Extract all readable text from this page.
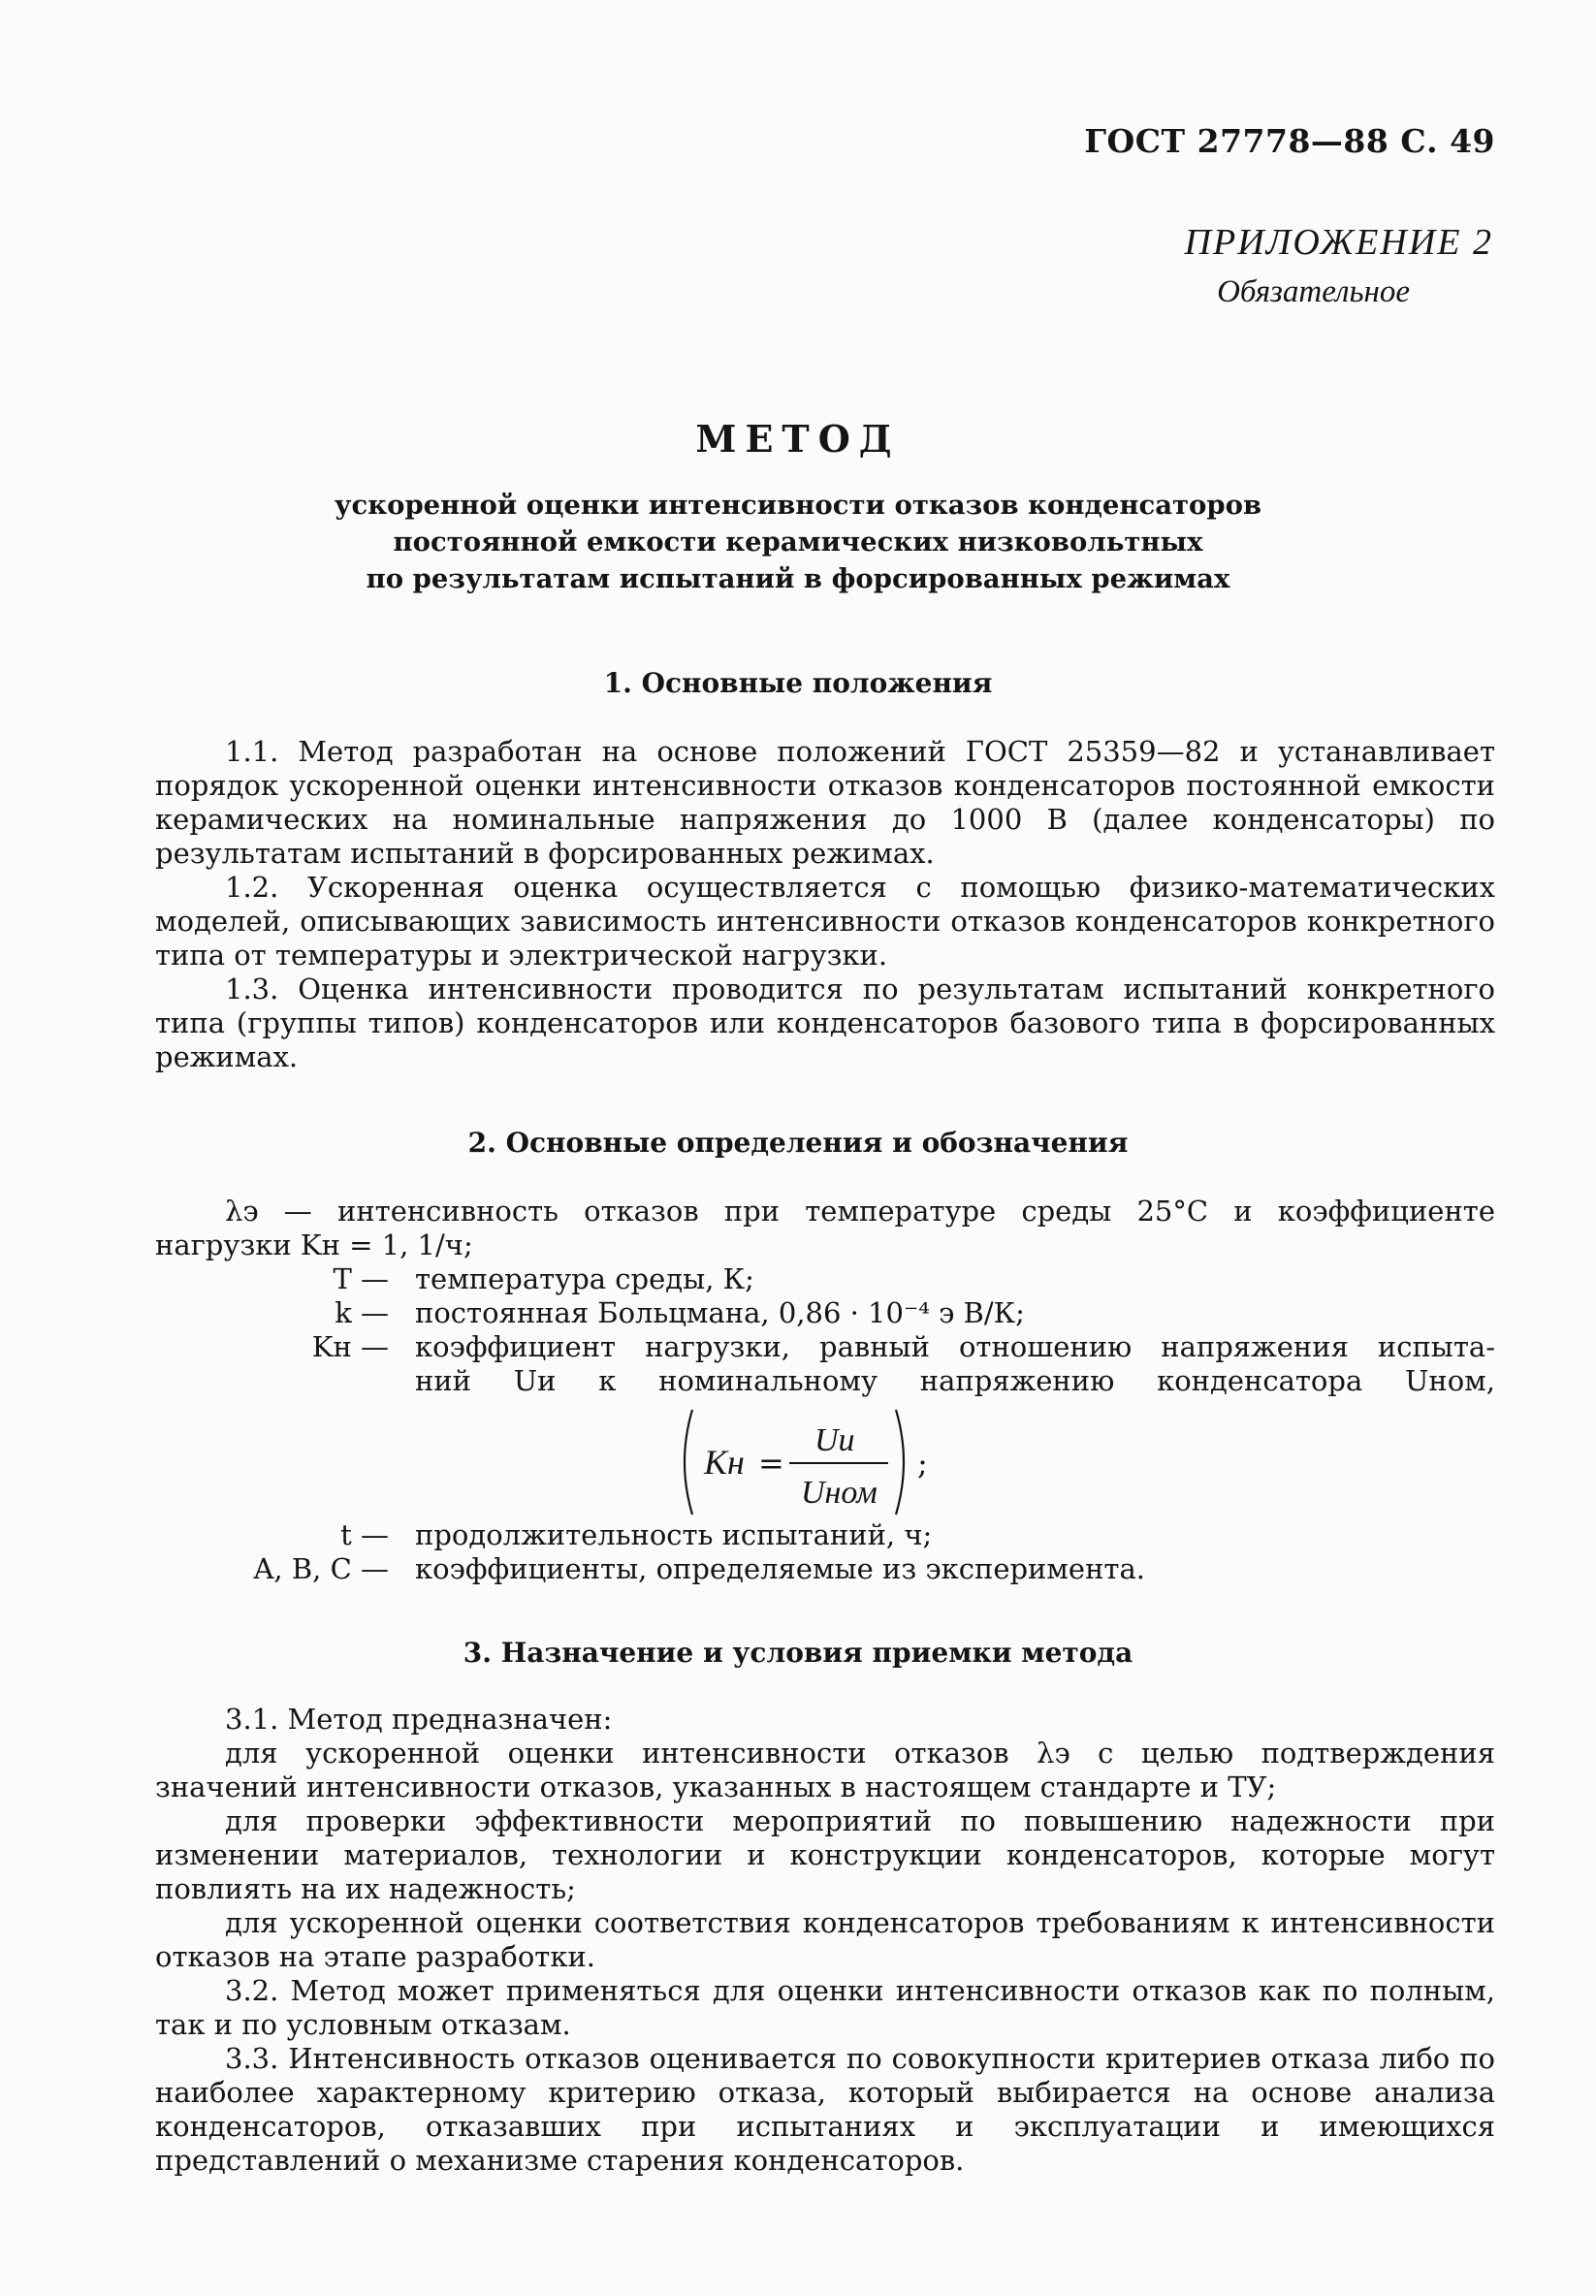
ГОСТ 27778—88 С. 49
ПРИЛОЖЕНИЕ 2
Обязательное
МЕТОД
ускоренной оценки интенсивности отказов конденсаторов
постоянной емкости керамических низковольтных
по результатам испытаний в форсированных режимах
1. Основные положения

1.1. Метод разработан на основе положений ГОСТ 25359—82 и устанавливает порядок ускоренной оценки интенсивности отказов конденсаторов постоянной емкости керамических на номинальные напряжения до 1000 В (далее конденсаторы) по результатам испытаний в форсированных режимах.

1.2. Ускоренная оценка осуществляется с помощью физико-математических моделей, описывающих зависимость интенсивности отказов конденсаторов конкретного типа от температуры и электрической нагрузки.

1.3. Оценка интенсивности проводится по результатам испытаний конкретного типа (группы типов) конденсаторов или конденсаторов базового типа в форсированных режимах.

2. Основные определения и обозначения

λэ — интенсивность отказов при температуре среды 25°С и коэффициенте

нагрузки Kн = 1, 1/ч;
T — температура среды, К;
k — постоянная Больцмана, 0,86 · 10⁻⁴ э В/К;
Kн — коэффициент нагрузки, равный отношению напряжения испыта-
ний Uи к номинальному напряжению конденсатора Uном,
Kн =
Uи
Uном
;
t — продолжительность испытаний, ч;
A, B, C — коэффициенты, определяемые из эксперимента.
3. Назначение и условия приемки метода

3.1. Метод предназначен:

для ускоренной оценки интенсивности отказов λэ с целью подтверждения значений интенсивности отказов, указанных в настоящем стандарте и ТУ;

для проверки эффективности мероприятий по повышению надежности при изменении материалов, технологии и конструкции конденсаторов, которые могут повлиять на их надежность;

для ускоренной оценки соответствия конденсаторов требованиям к интенсивности отказов на этапе разработки.

3.2. Метод может применяться для оценки интенсивности отказов как по полным, так и по условным отказам.

3.3. Интенсивность отказов оценивается по совокупности критериев отказа либо по наиболее характерному критерию отказа, который выбирается на основе анализа конденсаторов, отказавших при испытаниях и эксплуатации и имеющихся представлений о механизме старения конденсаторов.
